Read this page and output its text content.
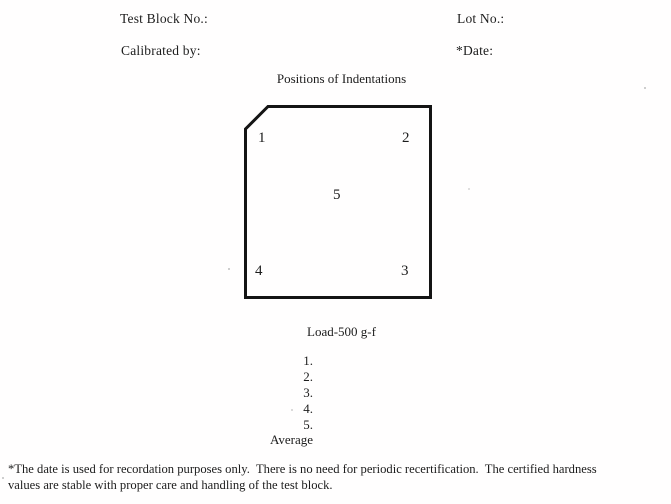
Test Block No.:	Lot No.:
Calibrated by:	*Date:
Positions of Indentations
1	2
5
4	3
Load-500 g-f
1.
2.
3.
4.
5.
Average
*The date is used for recordation purposes only.  There is no need for periodic recertification.  The certified hardness
values are stable with proper care and handling of the test block.
